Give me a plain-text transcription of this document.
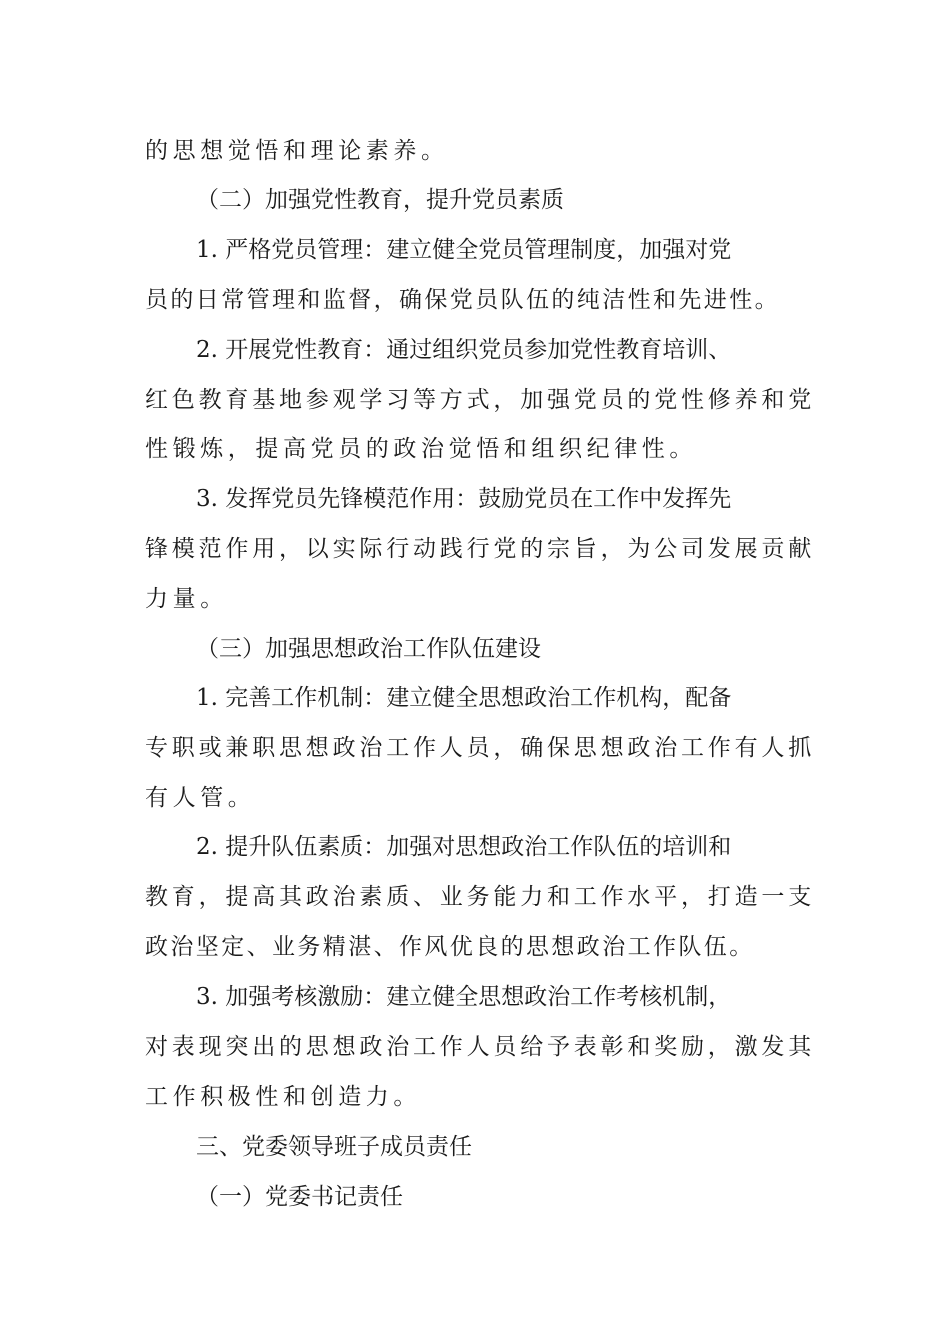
的思想觉悟和理论素养。
（二）加强党性教育，提升党员素质
1. 严格党员管理：建立健全党员管理制度，加强对党
员的日常管理和监督，确保党员队伍的纯洁性和先进性。
2. 开展党性教育：通过组织党员参加党性教育培训、
红色教育基地参观学习等方式，加强党员的党性修养和党
性锻炼，提高党员的政治觉悟和组织纪律性。
3. 发挥党员先锋模范作用：鼓励党员在工作中发挥先
锋模范作用，以实际行动践行党的宗旨，为公司发展贡献
力量。
（三）加强思想政治工作队伍建设
1. 完善工作机制：建立健全思想政治工作机构，配备
专职或兼职思想政治工作人员，确保思想政治工作有人抓
有人管。
2. 提升队伍素质：加强对思想政治工作队伍的培训和
教育，提高其政治素质、业务能力和工作水平，打造一支
政治坚定、业务精湛、作风优良的思想政治工作队伍。
3. 加强考核激励：建立健全思想政治工作考核机制，
对表现突出的思想政治工作人员给予表彰和奖励，激发其
工作积极性和创造力。
三、党委领导班子成员责任
（一）党委书记责任
